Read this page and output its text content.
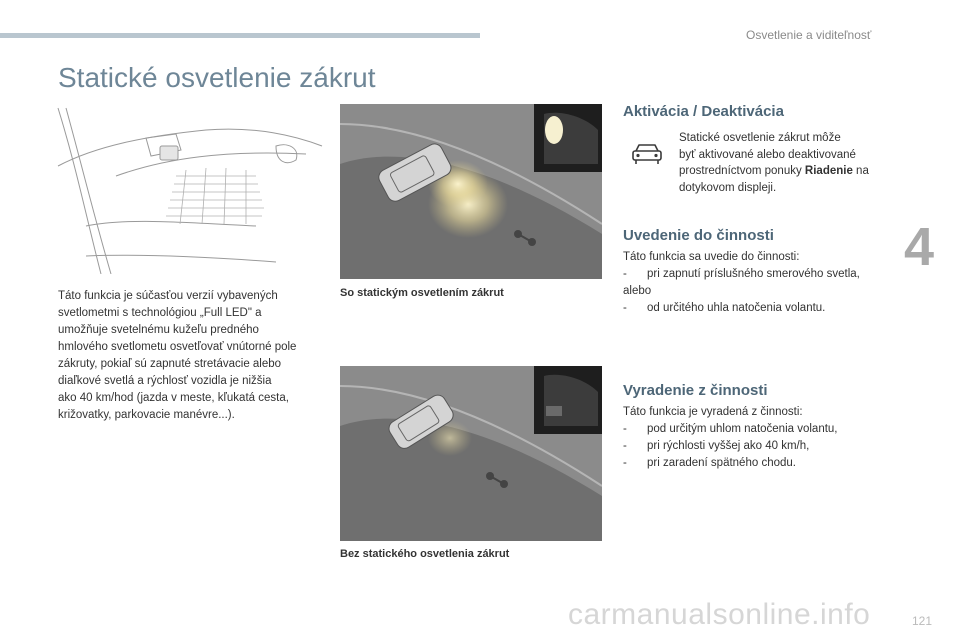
Osvetlenie a viditeľnosť
Statické osvetlenie zákrut
4
Táto funkcia je súčasťou verzií vybavených
svetlometmi s technológiou „Full LED" a
umožňuje svetelnému kužeľu predného
hmlového svetlometu osvetľovať vnútorné pole
zákruty, pokiaľ sú zapnuté stretávacie alebo
diaľkové svetlá a rýchlosť vozidla je nižšia
ako 40 km/hod (jazda v meste, kľukatá cesta,
križovatky, parkovacie manévre...).
So statickým osvetlením zákrut
Bez statického osvetlenia zákrut
Aktivácia / Deaktivácia
Statické osvetlenie zákrut môže
byť aktivované alebo deaktivované
prostredníctvom ponuky Riadenie na
dotykovom displeji.
Uvedenie do činnosti
Táto funkcia sa uvedie do činnosti:
-	pri zapnutí príslušného smerového svetla,
alebo
-	od určitého uhla natočenia volantu.
Vyradenie z činnosti
Táto funkcia je vyradená z činnosti:
-	pod určitým uhlom natočenia volantu,
-	pri rýchlosti vyššej ako 40 km/h,
-	pri zaradení spätného chodu.
carmanualsonline.info	121
